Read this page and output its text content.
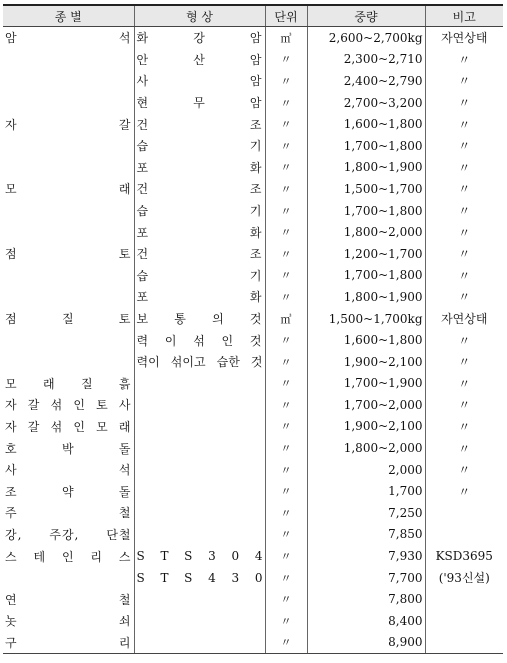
종 별	형 상	단위	중량	비고
암 석	화 강 암	㎥	2,600~2,700kg	자연상태
	안 산 암	〃	2,300~2,710	〃
	사 암	〃	2,400~2,790	〃
	현 무 암	〃	2,700~3,200	〃
자 갈	건 조	〃	1,600~1,800	〃
	습 기	〃	1,700~1,800	〃
	포 화	〃	1,800~1,900	〃
모 래	건 조	〃	1,500~1,700	〃
	습 기	〃	1,700~1,800	〃
	포 화	〃	1,800~2,000	〃
점 토	건 조	〃	1,200~1,700	〃
	습 기	〃	1,700~1,800	〃
	포 화	〃	1,800~1,900	〃
점 질 토	보 통 의 것	㎥	1,500~1,700kg	자연상태
	력 이 섞 인 것	〃	1,600~1,800	〃
	력이 섞이고 습한 것	〃	1,900~2,100	〃
모 래 질 흙		〃	1,700~1,900	〃
자 갈 섞 인 토 사		〃	1,700~2,000	〃
자 갈 섞 인 모 래		〃	1,900~2,100	〃
호 박 돌		〃	1,800~2,000	〃
사 석		〃	2,000	〃
조 약 돌		〃	1,700	〃
주 철		〃	7,250	
강, 주강, 단철		〃	7,850	
스 테 인 리 스	S T S 3 0 4	〃	7,930	KSD3695
	S T S 4 3 0	〃	7,700	('93신설)
연 철		〃	7,800	
놋 쇠		〃	8,400	
구 리		〃	8,900	
